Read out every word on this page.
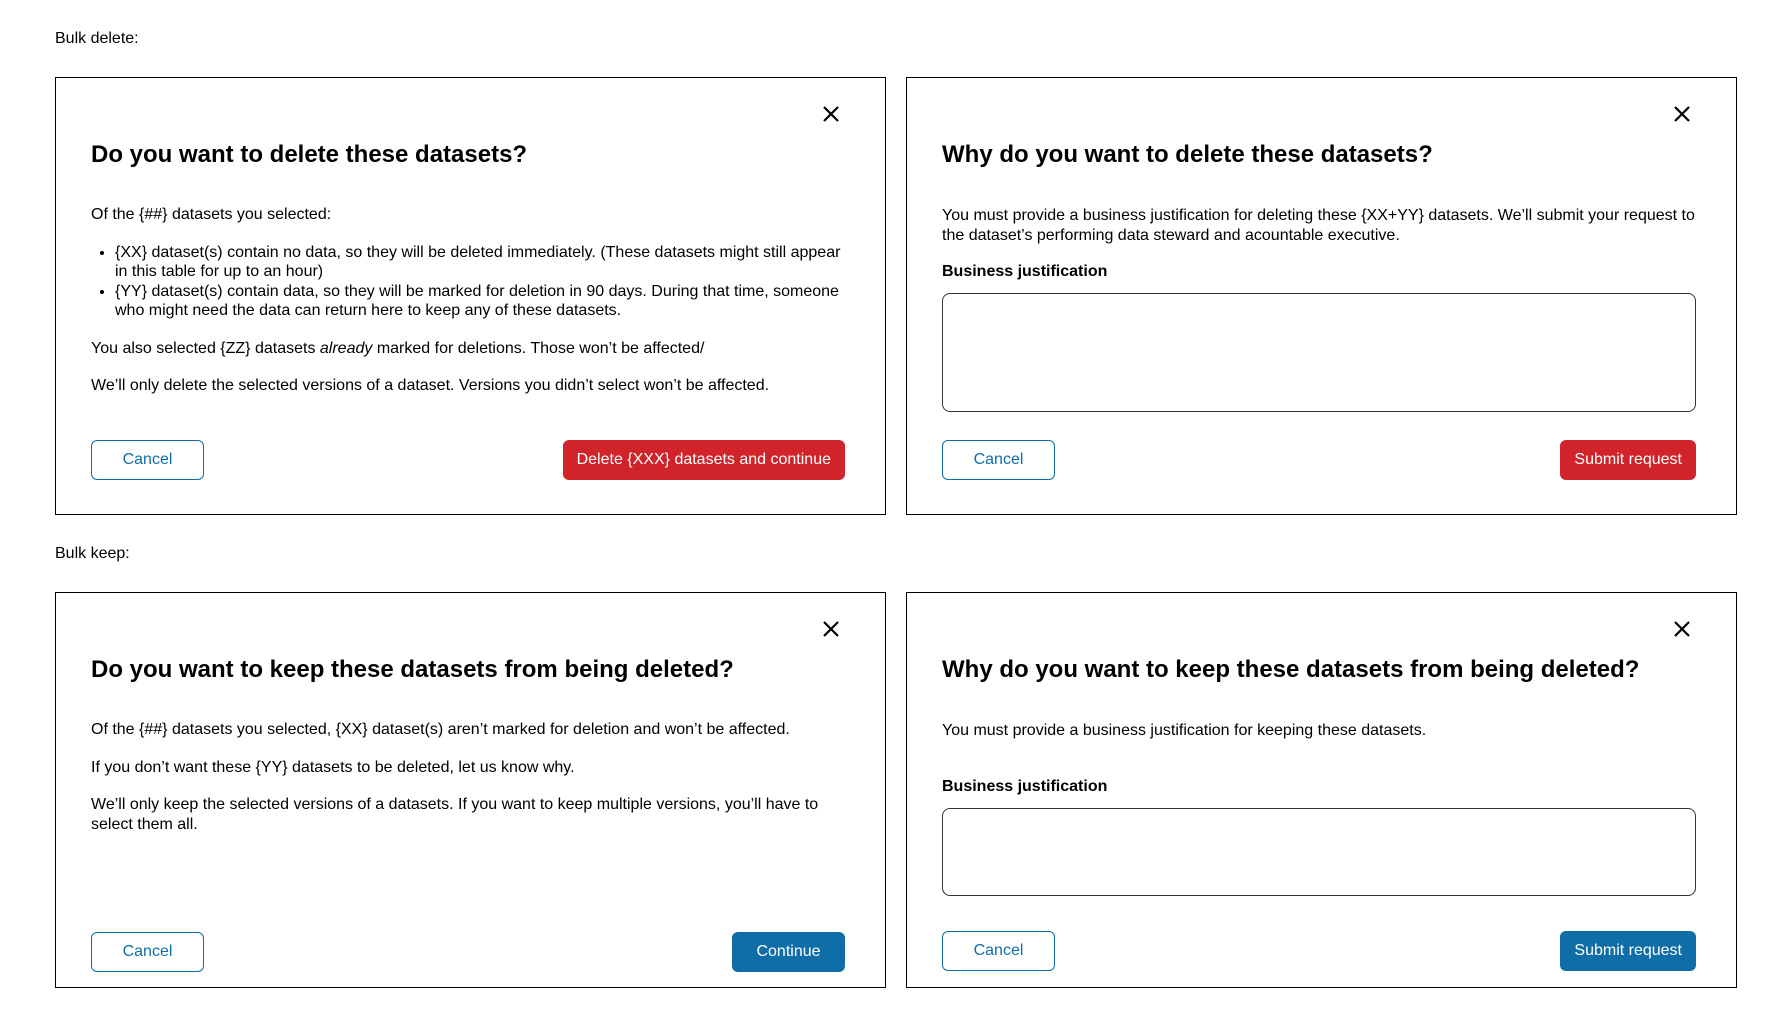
Bulk delete:
Do you want to delete these datasets?

Of the {##} datasets you selected:

• {XX} dataset(s) contain no data, so they will be deleted immediately. (These datasets might still appear in this table for up to an hour)
• {YY} dataset(s) contain data, so they will be marked for deletion in 90 days. During that time, someone who might need the data can return here to keep any of these datasets.

You also selected {ZZ} datasets already marked for deletions. Those won’t be affected/

We’ll only delete the selected versions of a dataset. Versions you didn’t select won’t be affected.

Cancel	Delete {XXX} datasets and continue
Why do you want to delete these datasets?

You must provide a business justification for deleting these {XX+YY} datasets. We’ll submit your request to the dataset’s performing data steward and acountable executive.

Business justification
Cancel	Submit request
Bulk keep:
Do you want to keep these datasets from being deleted?

Of the {##} datasets you selected, {XX} dataset(s) aren’t marked for deletion and won’t be affected.

If you don’t want these {YY} datasets to be deleted, let us know why.

We’ll only keep the selected versions of a datasets. If you want to keep multiple versions, you’ll have to select them all.

Cancel	Continue
Why do you want to keep these datasets from being deleted?

You must provide a business justification for keeping these datasets.

Business justification
Cancel	Submit request
